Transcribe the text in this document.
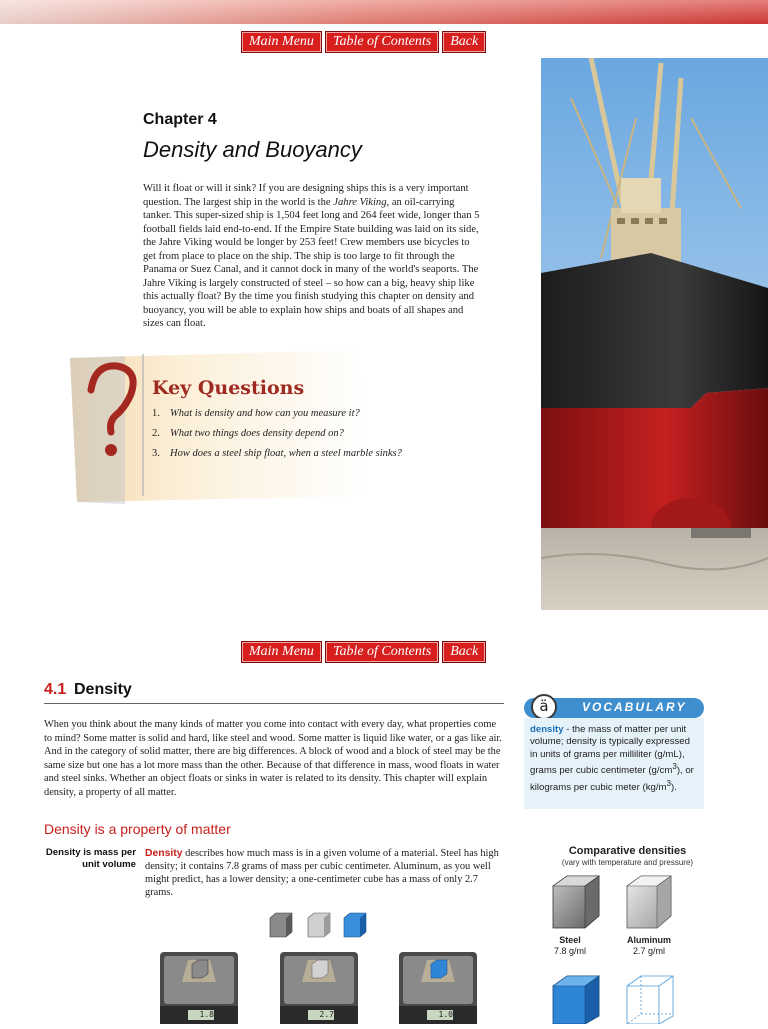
Main Menu	Table of Contents	Back
Chapter 4
Density and Buoyancy
Will it float or will it sink? If you are designing ships this is a very important question. The largest ship in the world is the Jahre Viking, an oil-carrying tanker. This super-sized ship is 1,504 feet long and 264 feet wide, longer than 5 football fields laid end-to-end. If the Empire State building was laid on its side, the Jahre Viking would be longer by 253 feet! Crew members use bicycles to get from place to place on the ship. The ship is too large to fit through the Panama or Suez Canal, and it cannot dock in many of the world's seaports. The Jahre Viking is largely constructed of steel – so how can a big, heavy ship like this actually float? By the time you finish studying this chapter on density and buoyancy, you will be able to explain how ships and boats of all shapes and sizes can float.
Key Questions
1. What is density and how can you measure it?
2. What two things does density depend on?
3. How does a steel ship float, when a steel marble sinks?
Main Menu	Table of Contents	Back
4.1 Density
When you think about the many kinds of matter you come into contact with every day, what properties come to mind? Some matter is solid and hard, like steel and wood. Some matter is liquid like water, or a gas like air. And in the category of solid matter, there are big differences. A block of wood and a block of steel may be the same size but one has a lot more mass than the other. Because of that difference in mass, wood floats in water and steel sinks. Whether an object floats or sinks in water is related to its density. This chapter will explain density, a property of all matter.
Density is a property of matter
Density is mass per unit volume
Density describes how much mass is in a given volume of a material. Steel has high density; it contains 7.8 grams of mass per cubic centimeter. Aluminum, as you well might predict, has a lower density; a one-centimeter cube has a mass of only 2.7 grams.
ä	VOCABULARY
density - the mass of matter per unit volume; density is typically expressed in units of grams per milliliter (g/mL), grams per cubic centimeter $(g/cm^3)$, or kilograms per cubic meter $(kg/m^3)$.
Comparative densities
(vary with temperature and pressure)
Steel
7.8 g/ml
Aluminum
2.7 g/ml
1.8	2.7	1.0
